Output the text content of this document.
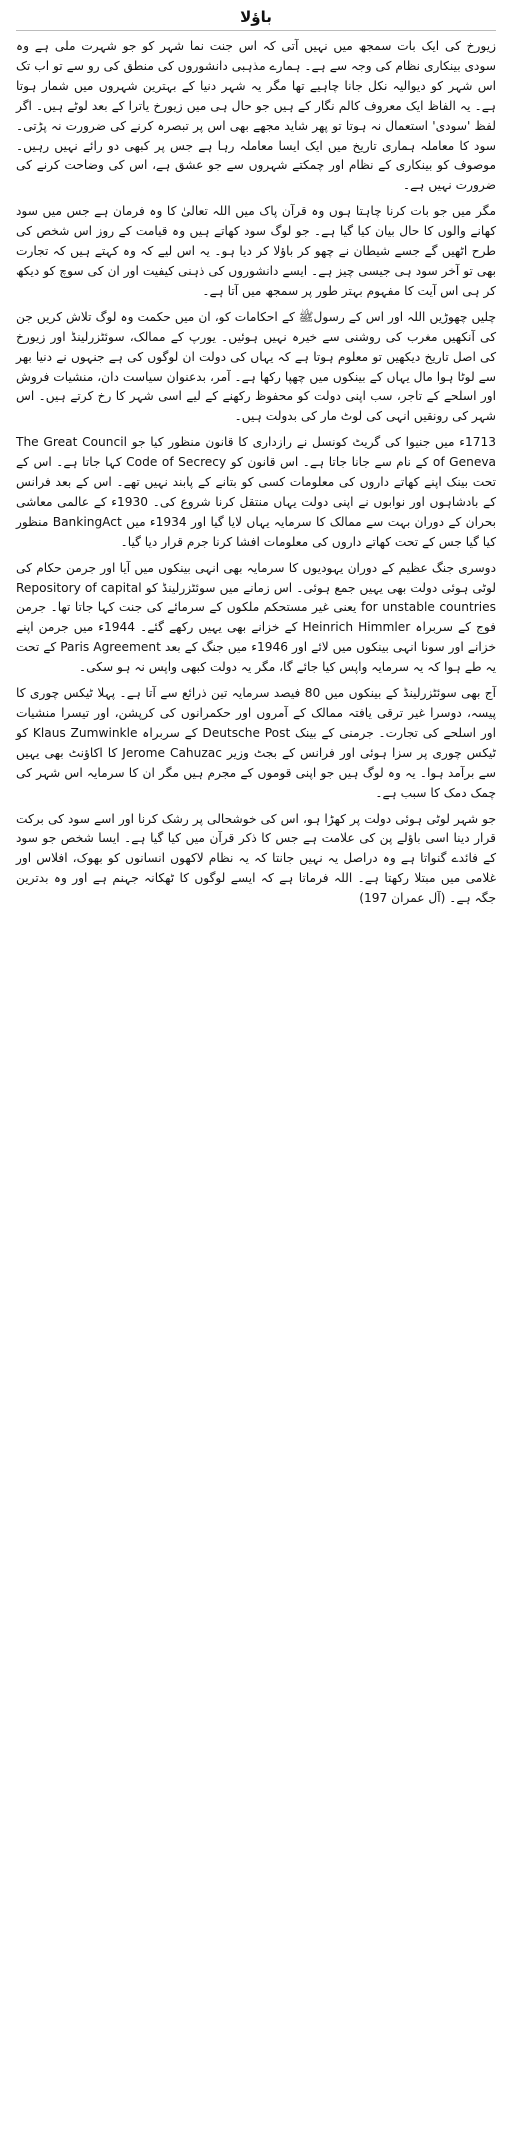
باؤلا

زیورخ کی ایک بات سمجھ میں نہیں آتی کہ اس جنت نما شہر کو جو شہرت ملی ہے وہ سودی بینکاری نظام کی وجہ سے ہے۔ ہمارے مذہبی دانشوروں کی منطق کی رو سے تو اب تک اس شہر کو دیوالیہ نکل جانا چاہیے تھا مگر یہ شہر دنیا کے بہترین شہروں میں شمار ہوتا ہے۔ یہ الفاظ ایک معروف کالم نگار کے ہیں جو حال ہی میں زیورخ یاترا کے بعد لوٹے ہیں۔ اگر لفظ 'سودی' استعمال نہ ہوتا تو پھر شاید مجھے بھی اس پر تبصرہ کرنے کی ضرورت نہ پڑتی۔ سود کا معاملہ ہماری تاریخ میں ایک ایسا معاملہ رہا ہے جس پر کبھی دو رائے نہیں رہیں۔ موصوف کو بینکاری کے نظام اور چمکتے شہروں سے جو عشق ہے، اس کی وضاحت کرنے کی ضرورت نہیں ہے۔

مگر میں جو بات کرنا چاہتا ہوں وہ قرآن پاک میں اللہ تعالیٰ کا وہ فرمان ہے جس میں سود کھانے والوں کا حال بیان کیا گیا ہے۔ جو لوگ سود کھاتے ہیں وہ قیامت کے روز اس شخص کی طرح اٹھیں گے جسے شیطان نے چھو کر باؤلا کر دیا ہو۔ یہ اس لیے کہ وہ کہتے ہیں کہ تجارت بھی تو آخر سود ہی جیسی چیز ہے۔ ایسے دانشوروں کی ذہنی کیفیت اور ان کی سوچ کو دیکھ کر ہی اس آیت کا مفہوم بہتر طور پر سمجھ میں آتا ہے۔

چلیں چھوڑیں اللہ اور اس کے رسولﷺ کے احکامات کو، ان میں حکمت وہ لوگ تلاش کریں جن کی آنکھیں مغرب کی روشنی سے خیرہ نہیں ہوئیں۔ یورپ کے ممالک، سوئٹزرلینڈ اور زیورخ کی اصل تاریخ دیکھیں تو معلوم ہوتا ہے کہ یہاں کی دولت ان لوگوں کی ہے جنہوں نے دنیا بھر سے لوٹا ہوا مال یہاں کے بینکوں میں چھپا رکھا ہے۔ آمر، بدعنوان سیاست دان، منشیات فروش اور اسلحے کے تاجر، سب اپنی دولت کو محفوظ رکھنے کے لیے اسی شہر کا رخ کرتے ہیں۔ اس شہر کی رونقیں انہی کی لوٹ مار کی بدولت ہیں۔

1713ء میں جنیوا کی گریٹ کونسل نے رازداری کا قانون منظور کیا جو The Great Council of Geneva کے نام سے جانا جاتا ہے۔ اس قانون کو Code of Secrecy کہا جاتا ہے۔ اس کے تحت بینک اپنے کھاتے داروں کی معلومات کسی کو بتانے کے پابند نہیں تھے۔ اس کے بعد فرانس کے بادشاہوں اور نوابوں نے اپنی دولت یہاں منتقل کرنا شروع کی۔ 1930ء کے عالمی معاشی بحران کے دوران بہت سے ممالک کا سرمایہ یہاں لایا گیا اور 1934ء میں BankingAct منظور کیا گیا جس کے تحت کھاتے داروں کی معلومات افشا کرنا جرم قرار دیا گیا۔

دوسری جنگ عظیم کے دوران یہودیوں کا سرمایہ بھی انہی بینکوں میں آیا اور جرمن حکام کی لوٹی ہوئی دولت بھی یہیں جمع ہوئی۔ اس زمانے میں سوئٹزرلینڈ کو Repository of capital for unstable countries یعنی غیر مستحکم ملکوں کے سرمائے کی جنت کہا جاتا تھا۔ جرمن فوج کے سربراہ Heinrich Himmler کے خزانے بھی یہیں رکھے گئے۔ 1944ء میں جرمن اپنے خزانے اور سونا انہی بینکوں میں لائے اور 1946ء میں جنگ کے بعد Paris Agreement کے تحت یہ طے ہوا کہ یہ سرمایہ واپس کیا جائے گا، مگر یہ دولت کبھی واپس نہ ہو سکی۔

آج بھی سوئٹزرلینڈ کے بینکوں میں 80 فیصد سرمایہ تین ذرائع سے آتا ہے۔ پہلا ٹیکس چوری کا پیسہ، دوسرا غیر ترقی یافتہ ممالک کے آمروں اور حکمرانوں کی کرپشن، اور تیسرا منشیات اور اسلحے کی تجارت۔ جرمنی کے بینک Deutsche Post کے سربراہ Klaus Zumwinkle کو ٹیکس چوری پر سزا ہوئی اور فرانس کے بجٹ وزیر Jerome Cahuzac کا اکاؤنٹ بھی یہیں سے برآمد ہوا۔ یہ وہ لوگ ہیں جو اپنی قوموں کے مجرم ہیں مگر ان کا سرمایہ اس شہر کی چمک دمک کا سبب ہے۔

جو شہر لوٹی ہوئی دولت پر کھڑا ہو، اس کی خوشحالی پر رشک کرنا اور اسے سود کی برکت قرار دینا اسی باؤلے پن کی علامت ہے جس کا ذکر قرآن میں کیا گیا ہے۔ ایسا شخص جو سود کے فائدے گنواتا ہے وہ دراصل یہ نہیں جانتا کہ یہ نظام لاکھوں انسانوں کو بھوک، افلاس اور غلامی میں مبتلا رکھتا ہے۔ اللہ فرماتا ہے کہ ایسے لوگوں کا ٹھکانہ جہنم ہے اور وہ بدترین جگہ ہے۔ (آل عمران 197)
